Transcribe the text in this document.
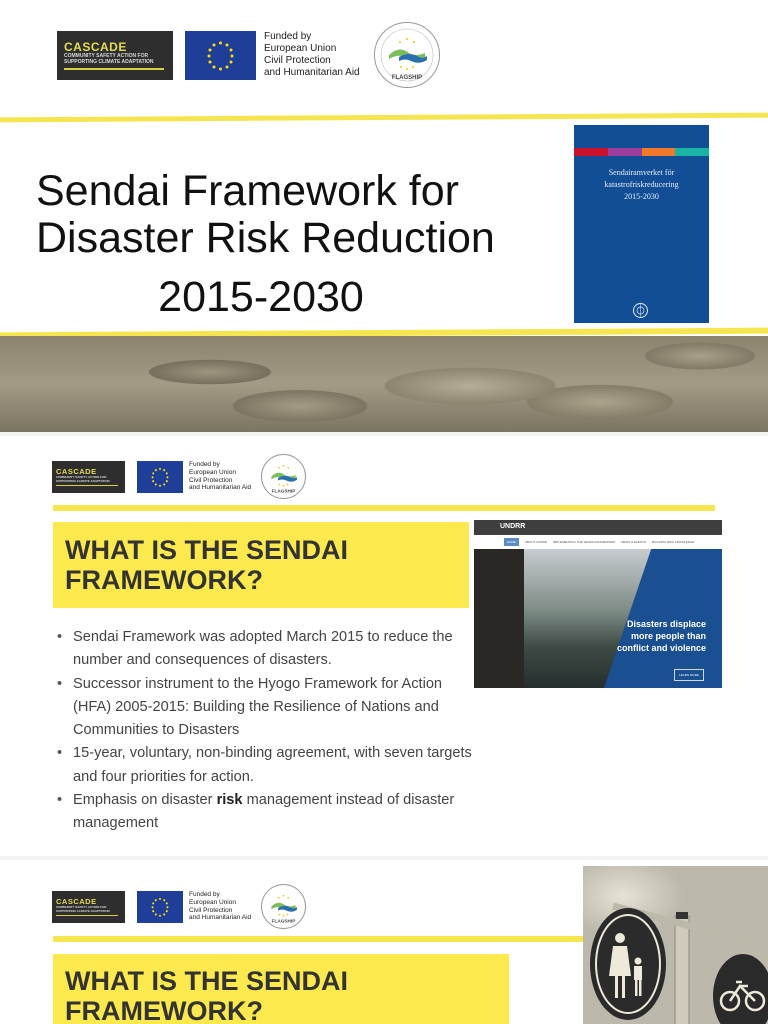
CASCADE
COMMUNITY SAFETY ACTION FOR
SUPPORTING CLIMATE ADAPTATION
Funded by
European Union
Civil Protection
and Humanitarian Aid	FLAGSHIP
Sendai Framework for
Disaster Risk Reduction
2015-2030
Sendairamverket för
katastrofriskreducering
2015-2030
CASCADE
COMMUNITY SAFETY ACTION FOR
SUPPORTING CLIMATE ADAPTATION
Funded by
European Union
Civil Protection
and Humanitarian Aid	FLAGSHIP
WHAT IS THE SENDAI
FRAMEWORK?
• Sendai Framework was adopted March 2015 to reduce the number and consequences of disasters.
• Successor instrument to the Hyogo Framework for Action (HFA) 2005-2015: Building the Resilience of Nations and Communities to Disasters
• 15-year, voluntary, non-binding agreement, with seven targets and four priorities for action.
• Emphasis on disaster risk management instead of disaster management
UNDRR
HOME	ABOUT UNDRR IMPLEMENTING THE SENDAI FRAMEWORK NEWS & EVENTS BUILDING RISK KNOWLEDGE
Disasters displace
more people than
conflict and violence
LEARN MORE
CASCADE
COMMUNITY SAFETY ACTION FOR
SUPPORTING CLIMATE ADAPTATION
Funded by
European Union
Civil Protection
and Humanitarian Aid	FLAGSHIP
WHAT IS THE SENDAI
FRAMEWORK?
